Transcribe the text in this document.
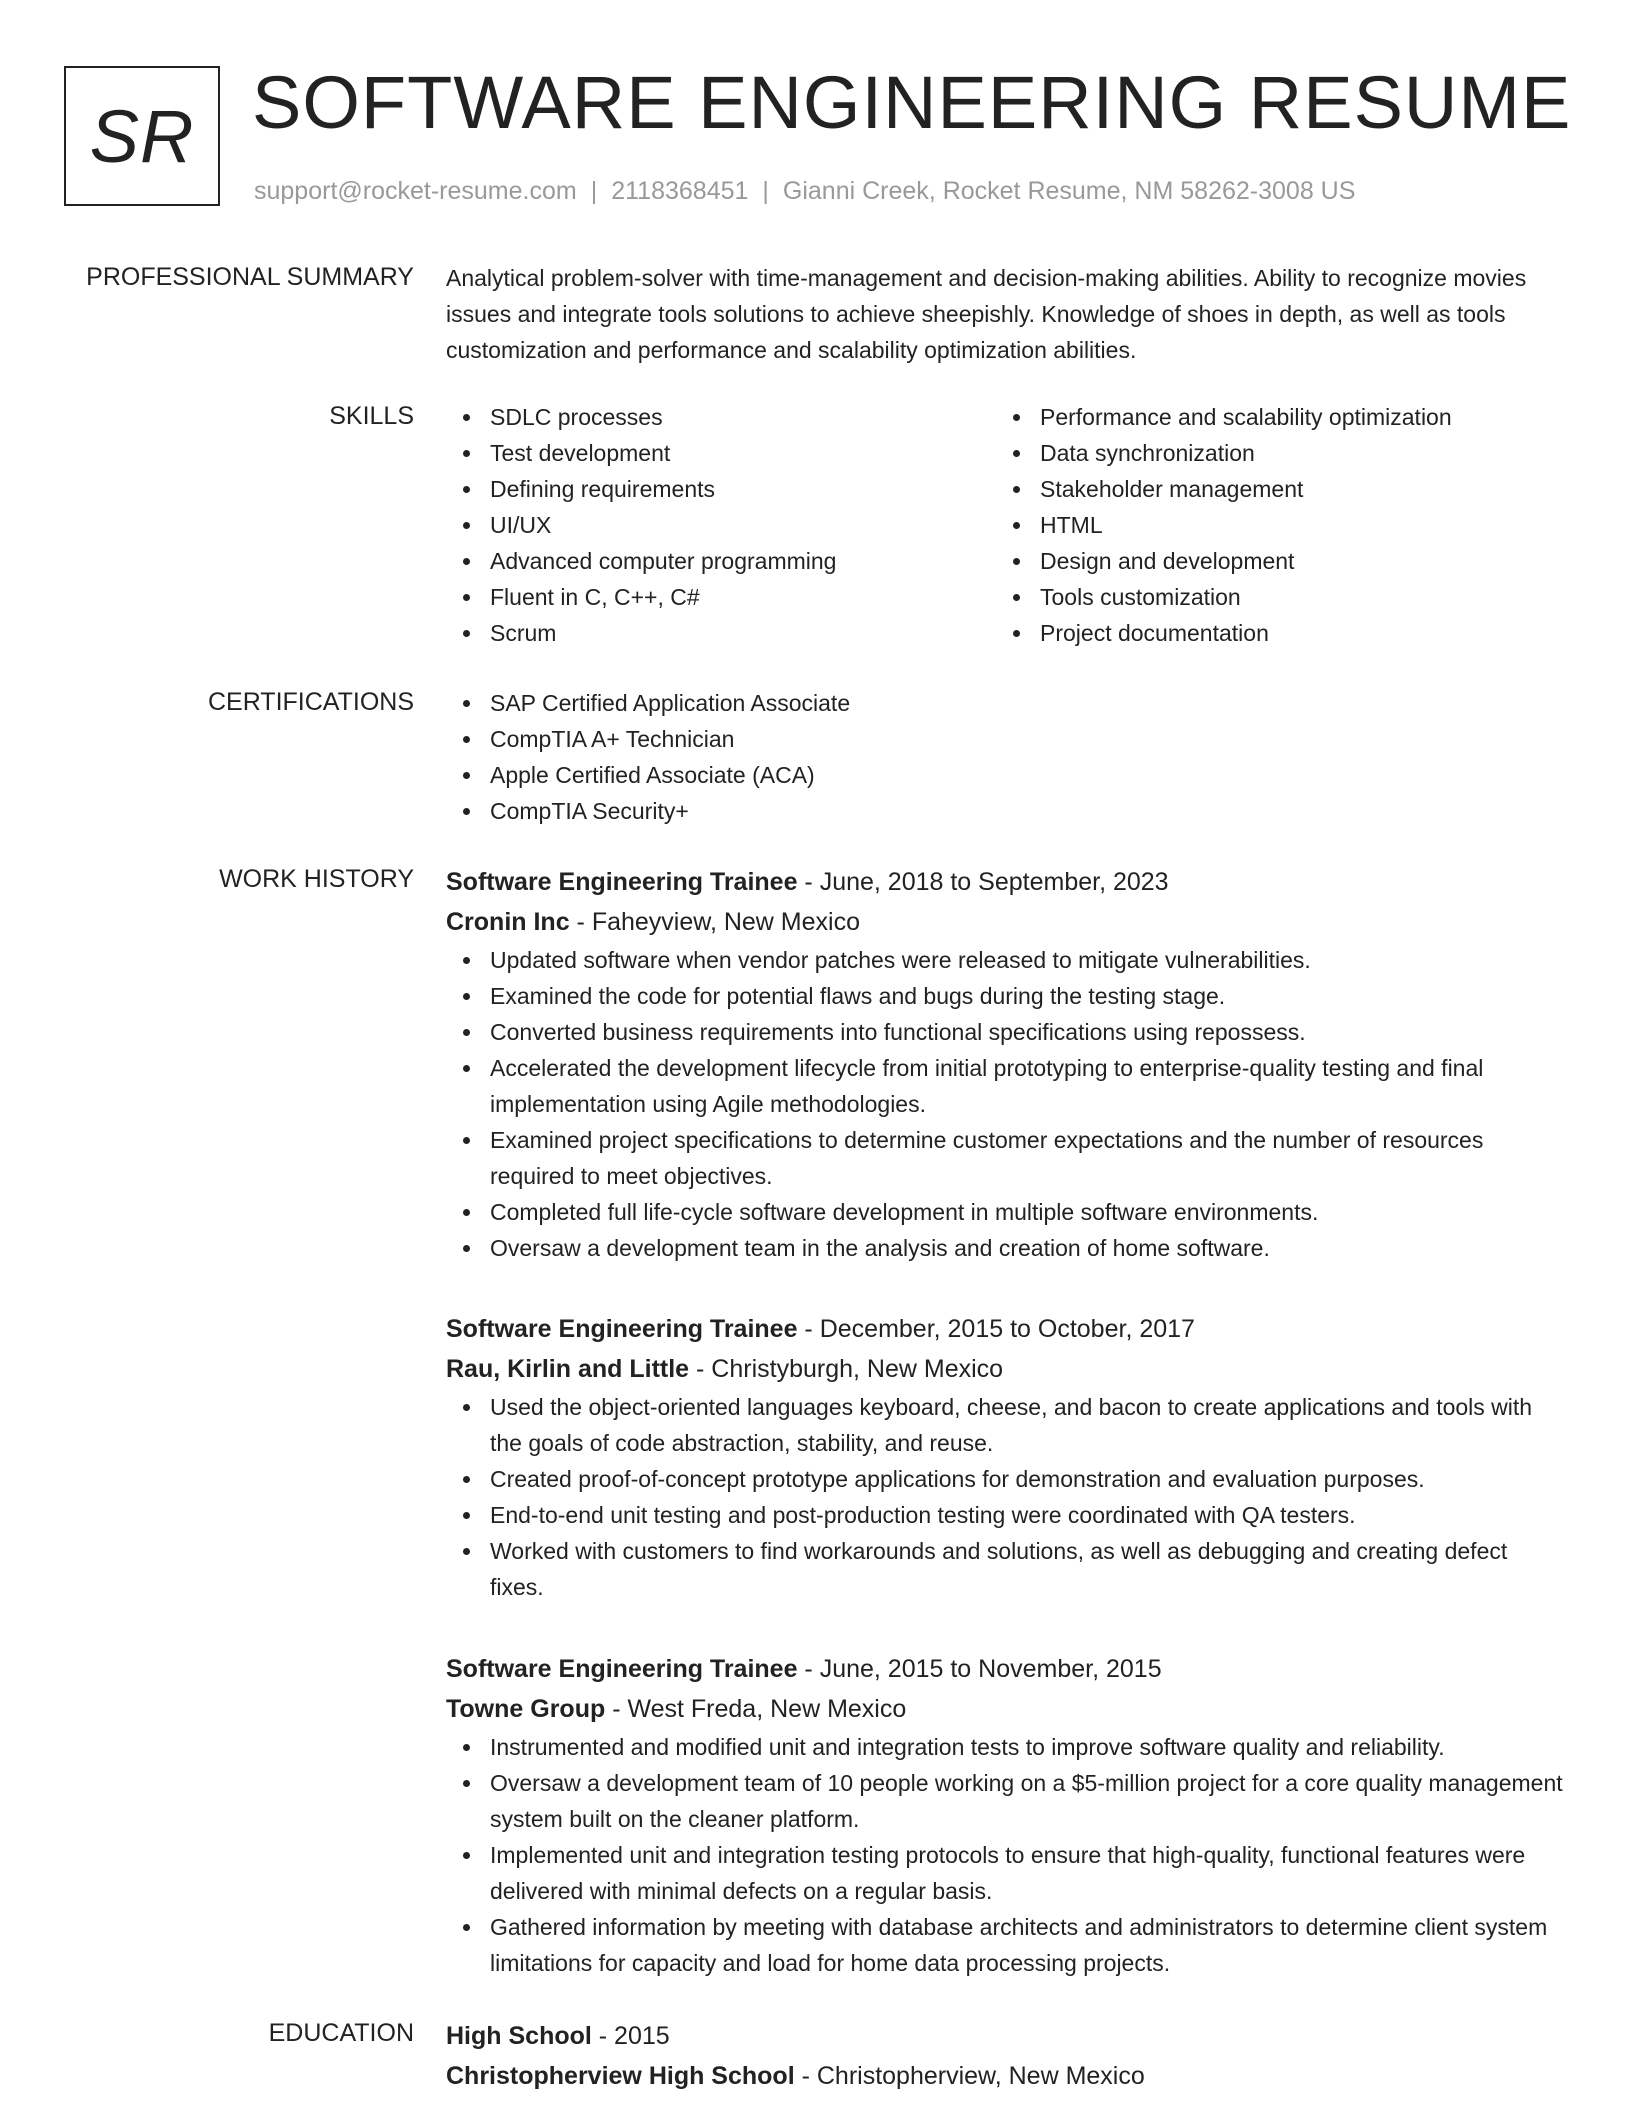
SR SOFTWARE ENGINEERING RESUME
support@rocket-resume.com | 2118368451 | Gianni Creek, Rocket Resume, NM 58262-3008 US
PROFESSIONAL SUMMARY Analytical problem-solver with time-management and decision-making abilities. Ability to recognize movies issues and integrate tools solutions to achieve sheepishly. Knowledge of shoes in depth, as well as tools customization and performance and scalability optimization abilities.
SKILLS	SDLC processes
Test development
Defining requirements
UI/UX
Advanced computer programming
Fluent in C, C++, C#
Scrum
Performance and scalability optimization
Data synchronization
Stakeholder management
HTML
Design and development
Tools customization
Project documentation
CERTIFICATIONS	SAP Certified Application Associate
CompTIA A+ Technician
Apple Certified Associate (ACA)
CompTIA Security+
WORK HISTORY Software Engineering Trainee - June, 2018 to September, 2023
Cronin Inc - Faheyview, New Mexico
Updated software when vendor patches were released to mitigate vulnerabilities.
Examined the code for potential flaws and bugs during the testing stage.
Converted business requirements into functional specifications using repossess.
Accelerated the development lifecycle from initial prototyping to enterprise-quality testing and final implementation using Agile methodologies.
Examined project specifications to determine customer expectations and the number of resources required to meet objectives.
Completed full life-cycle software development in multiple software environments.
Oversaw a development team in the analysis and creation of home software.
Software Engineering Trainee - December, 2015 to October, 2017
Rau, Kirlin and Little - Christyburgh, New Mexico
Used the object-oriented languages keyboard, cheese, and bacon to create applications and tools with the goals of code abstraction, stability, and reuse.
Created proof-of-concept prototype applications for demonstration and evaluation purposes.
End-to-end unit testing and post-production testing were coordinated with QA testers.
Worked with customers to find workarounds and solutions, as well as debugging and creating defect fixes.
Software Engineering Trainee - June, 2015 to November, 2015
Towne Group - West Freda, New Mexico
Instrumented and modified unit and integration tests to improve software quality and reliability.
Oversaw a development team of 10 people working on a $5-million project for a core quality management system built on the cleaner platform.
Implemented unit and integration testing protocols to ensure that high-quality, functional features were delivered with minimal defects on a regular basis.
Gathered information by meeting with database architects and administrators to determine client system limitations for capacity and load for home data processing projects.
EDUCATION High School - 2015
Christopherview High School - Christopherview, New Mexico
